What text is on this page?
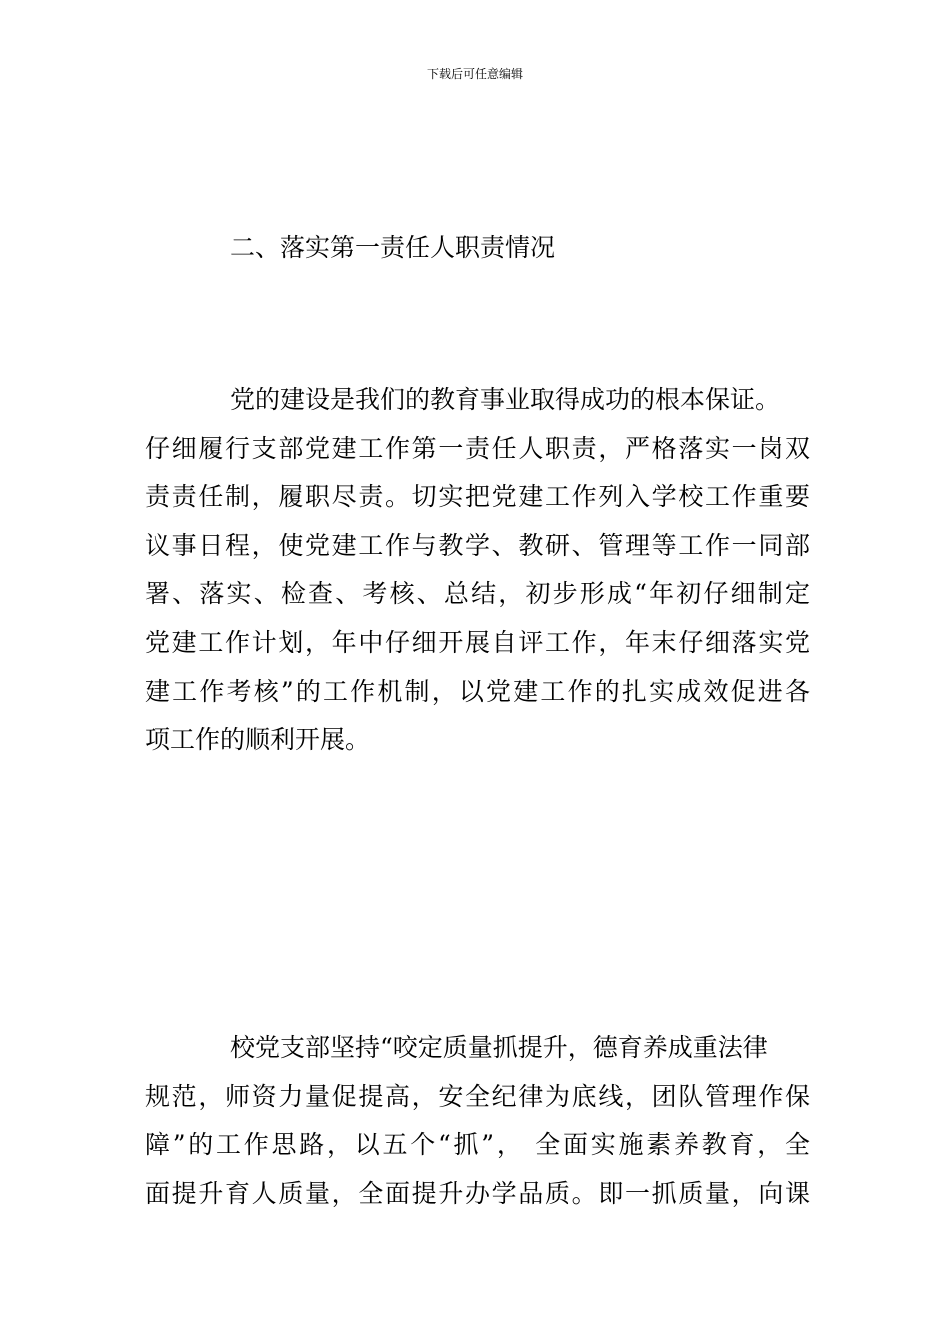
下载后可任意编辑
二、落实第一责任人职责情况
党的建设是我们的教育事业取得成功的根本保证。
仔细履行支部党建工作第一责任人职责，严格落实一岗双
责责任制，履职尽责。切实把党建工作列入学校工作重要
议事日程，使党建工作与教学、教研、管理等工作一同部
署、落实、检查、考核、总结，初步形成“年初仔细制定
党建工作计划，年中仔细开展自评工作，年末仔细落实党
建工作考核”的工作机制，以党建工作的扎实成效促进各
项工作的顺利开展。
校党支部坚持“咬定质量抓提升，德育养成重法律
规范，师资力量促提高，安全纪律为底线，团队管理作保
障”的工作思路，以五个“抓”， 全面实施素养教育，全
面提升育人质量，全面提升办学品质。即一抓质量，向课
